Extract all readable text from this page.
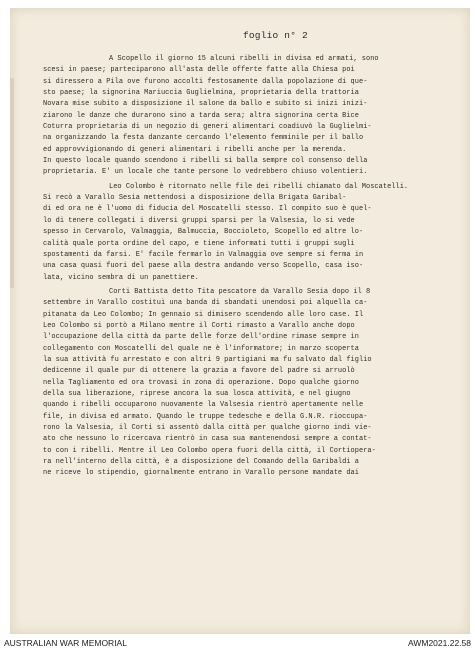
foglio n° 2
A Scopello il giorno 15 alcuni ribelli in divisa ed armati, sono
scesi in paese; parteciparono all'asta delle offerte fatte alla Chiesa poi
si diressero a Pila ove furono accolti festosamente dalla popolazione di que-
sto paese; la signorina Mariuccia Guglielmina, proprietaria della trattoria
Novara mise subito a disposizione il salone da ballo e subito si inizi inizi-
ziarono le danze che durarono sino a tarda sera; altra signorina certa Bice
Coturra proprietaria di un negozio di generi alimentari coadiuvò la Guglielmi-
na organizzando la festa danzante cercando l'elemento femminile per il ballo
ed approvvigionando di generi alimentari i ribelli anche per la merenda.
In questo locale quando scendono i ribelli si balla sempre col consenso della
proprietaria. E' un locale che tante persone lo vedrebbero chiuso volentieri.
Leo Colombo è ritornato nelle file dei ribelli chiamato dal Moscatelli.
Si recò a Varallo Sesia mettendosi a disposizione della Brigata Garibal-
di ed ora ne è l'uomo di fiducia del Moscatelli stesso. Il compito suo è quel-
lo di tenere collegati i diversi gruppi sparsi per la Valsesia, lo si vede
spesso in Cervarolo, Valmaggia, Balmuccia, Boccioleto, Scopello ed altre lo-
calità quale porta ordine del capo, e tiene informati tutti i gruppi sugli
spostamenti da farsi. E' facile fermarlo in Valmaggia ove sempre si ferma in
una casa quasi fuori del paese alla destra andando verso Scopello, casa iso-
lata, vicino sembra di un panettiere.
Corti Battista detto Tita pescatore da Varallo Sesia dopo il 8
settembre in Varallo costituì una banda di sbandati unendosi poi alquella ca-
pitanata da Leo Colombo; In gennaio si dimisero scendendo alle loro case. Il
Leo Colombo si portò a Milano mentre il Corti rimasto a Varallo anche dopo
l'occupazione della città da parte delle forze dell'ordine rimase sempre in
collegamento con Moscatelli del quale ne è l'informatore; in marzo scoperta
la sua attività fu arrestato e con altri 9 partigiani ma fu salvato dal figlio
dedicenne il quale pur di ottenere la grazia a favore del padre si arruolò
nella Tagliamento ed ora trovasi in zona di operazione. Dopo qualche giorno
della sua liberazione, riprese ancora la sua losca attività, e nel giugno
quando i ribelli occuparono nuovamente la Valsesia rientrò apertamente nelle
file, in divisa ed armato. Quando le truppe tedesche e della G.N.R. rioccupa-
rono la Valsesia, il Corti si assentò dalla città per qualche giorno indi vie-
ato che nessuno lo ricercava rientrò in casa sua mantenendosi sempre a contat-
to con i ribelli. Mentre il Leo Colombo opera fuori della città, il Cortiopera-
ra nell'interno della città, è a disposizione del Comando della Garibaldi a
ne riceve lo stipendio, giornalmente entrano in Varallo persone mandate dai
AUSTRALIAN WAR MEMORIAL	AWM2021.22.58
